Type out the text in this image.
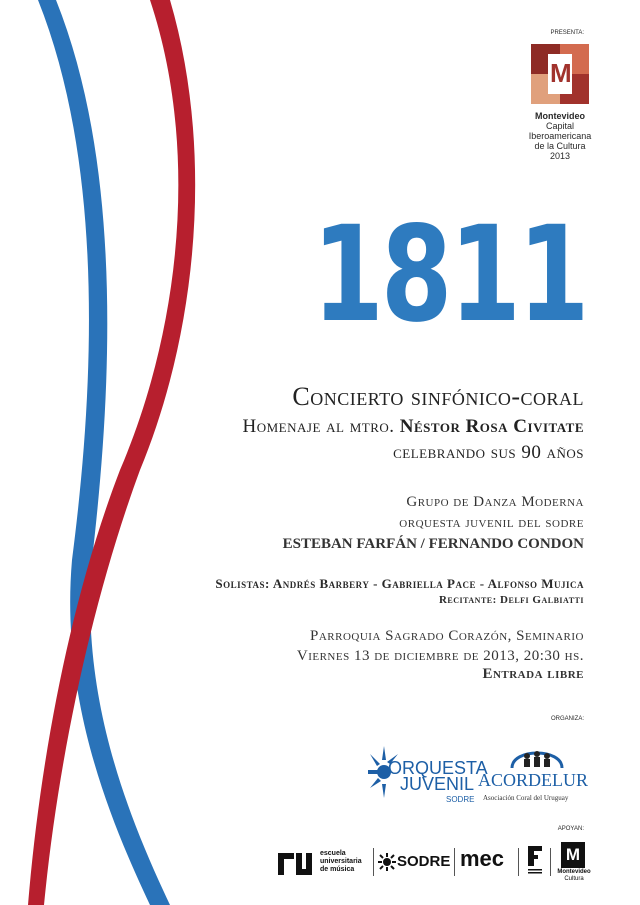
PRESENTA:
M
Montevideo
Capital
Iberoamericana
de la Cultura
2013
1811
Concierto sinfónico-coral
Homenaje al mtro. Néstor Rosa Civitate
celebrando sus 90 años
Grupo de Danza Moderna
orquesta juvenil del sodre
ESTEBAN FARFÁN / FERNANDO CONDON
Solistas: Andrés Barbery - Gabriella Pace - Alfonso Mujica
Recitante: Delfi Galbiatti
Parroquia Sagrado Corazón, Seminario
Viernes 13 de diciembre de 2013, 20:30 hs.
Entrada libre
ORGANIZA:
ORQUESTA
JUVENIL
SODRE
ACORDELUR
Asociación Coral del Uruguay
APOYAN:
escuela
universitaria
de música	SODRE mec	M
Montevideo
Cultura
